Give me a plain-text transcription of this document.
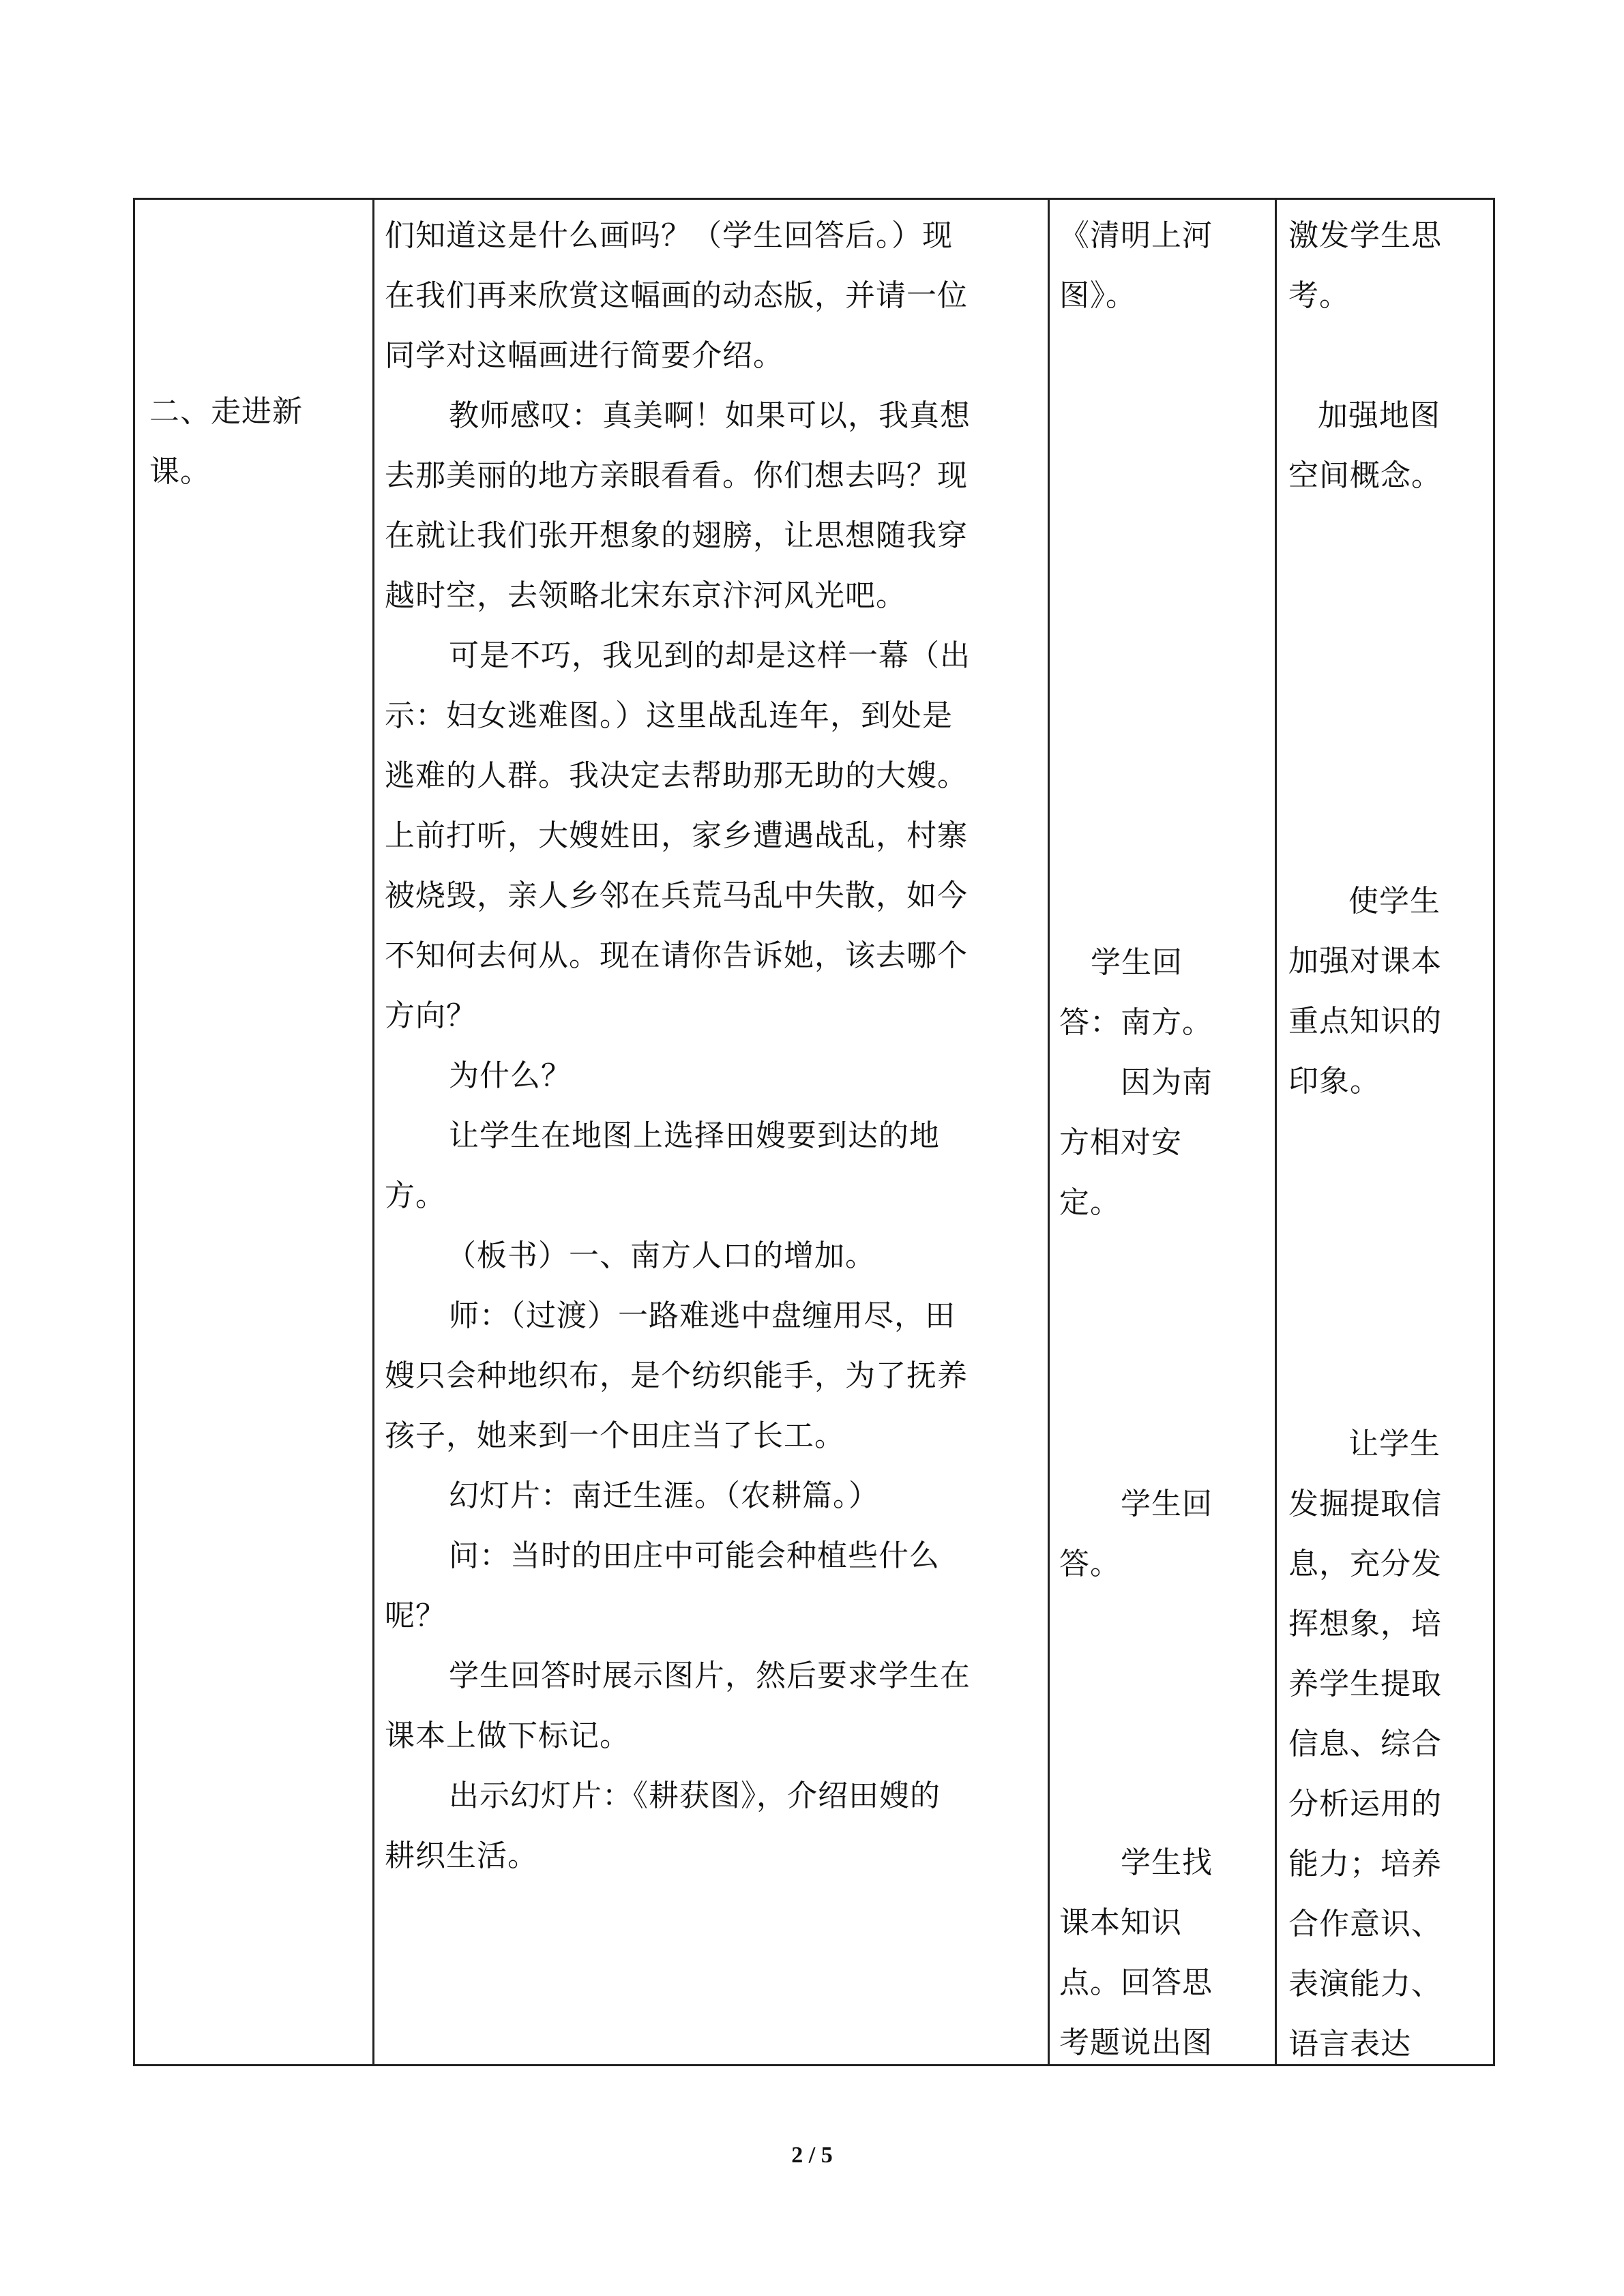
二、走进新
课。
们知道这是什么画吗？（学生回答后。）现
在我们再来欣赏这幅画的动态版，并请一位
同学对这幅画进行简要介绍。
教师感叹：真美啊！如果可以，我真想
去那美丽的地方亲眼看看。你们想去吗？现
在就让我们张开想象的翅膀，让思想随我穿
越时空，去领略北宋东京汴河风光吧。
可是不巧，我见到的却是这样一幕（出
示：妇女逃难图。）这里战乱连年，到处是
逃难的人群。我决定去帮助那无助的大嫂。
上前打听，大嫂姓田，家乡遭遇战乱，村寨
被烧毁，亲人乡邻在兵荒马乱中失散，如今
不知何去何从。现在请你告诉她，该去哪个
方向？
为什么？
让学生在地图上选择田嫂要到达的地
方。
（板书）一、南方人口的增加。
师：（过渡）一路难逃中盘缠用尽，田
嫂只会种地织布，是个纺织能手，为了抚养
孩子，她来到一个田庄当了长工。
幻灯片：南迁生涯。（农耕篇。）
问：当时的田庄中可能会种植些什么
呢？
学生回答时展示图片，然后要求学生在
课本上做下标记。
出示幻灯片：《耕获图》，介绍田嫂的
耕织生活。
《清明上河
图》。
学生回
答：南方。
因为南
方相对安
定。
学生回
答。
学生找
课本知识
点。回答思
考题说出图
激发学生思
考。
加强地图
空间概念。
使学生
加强对课本
重点知识的
印象。
让学生
发掘提取信
息，充分发
挥想象，培
养学生提取
信息、综合
分析运用的
能力；培养
合作意识、
表演能力、
语言表达
2 / 5
